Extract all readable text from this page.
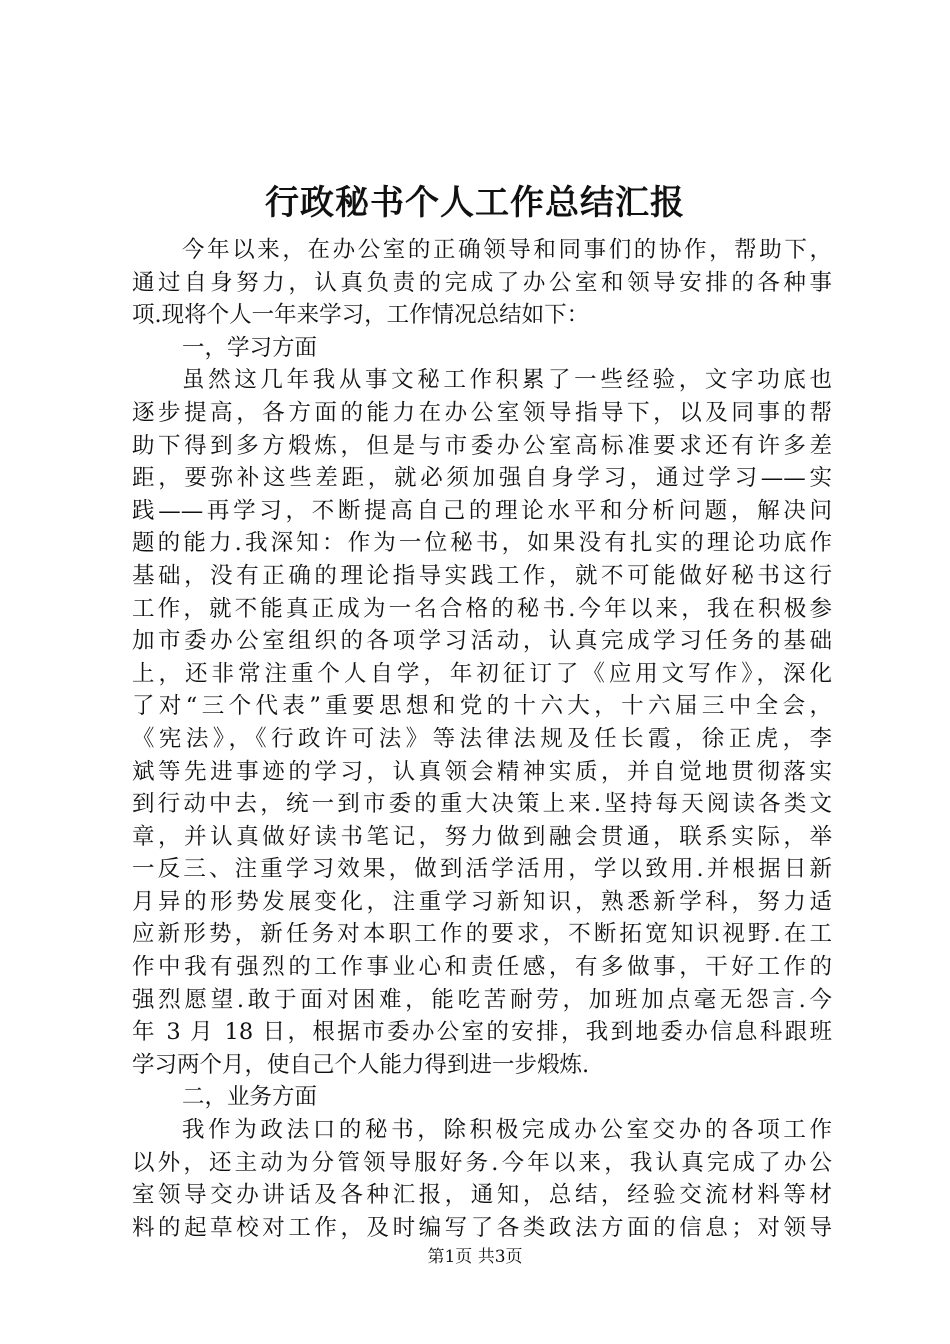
行政秘书个人工作总结汇报
今年以来，在办公室的正确领导和同事们的协作，帮助下，
通过自身努力，认真负责的完成了办公室和领导安排的各种事
项.现将个人一年来学习，工作情况总结如下：
一，学习方面
虽然这几年我从事文秘工作积累了一些经验，文字功底也
逐步提高，各方面的能力在办公室领导指导下，以及同事的帮
助下得到多方煅炼，但是与市委办公室高标准要求还有许多差
距，要弥补这些差距，就必须加强自身学习，通过学习——实
践——再学习，不断提高自己的理论水平和分析问题，解决问
题的能力.我深知：作为一位秘书，如果没有扎实的理论功底作
基础，没有正确的理论指导实践工作，就不可能做好秘书这行
工作，就不能真正成为一名合格的秘书.今年以来，我在积极参
加市委办公室组织的各项学习活动，认真完成学习任务的基础
上，还非常注重个人自学，年初征订了《应用文写作》，深化
了对“三个代表”重要思想和党的十六大，十六届三中全会，
《宪法》，《行政许可法》等法律法规及任长霞，徐正虎，李
斌等先进事迹的学习，认真领会精神实质，并自觉地贯彻落实
到行动中去，统一到市委的重大决策上来.坚持每天阅读各类文
章，并认真做好读书笔记，努力做到融会贯通，联系实际，举
一反三、注重学习效果，做到活学活用，学以致用.并根据日新
月异的形势发展变化，注重学习新知识，熟悉新学科，努力适
应新形势，新任务对本职工作的要求，不断拓宽知识视野.在工
作中我有强烈的工作事业心和责任感，有多做事，干好工作的
强烈愿望.敢于面对困难，能吃苦耐劳，加班加点毫无怨言.今
年 3 月 18 日，根据市委办公室的安排，我到地委办信息科跟班
学习两个月，使自己个人能力得到进一步煅炼.
二，业务方面
我作为政法口的秘书，除积极完成办公室交办的各项工作
以外，还主动为分管领导服好务.今年以来，我认真完成了办公
室领导交办讲话及各种汇报，通知，总结，经验交流材料等材
料的起草校对工作，及时编写了各类政法方面的信息；对领导
第1页 共3页
